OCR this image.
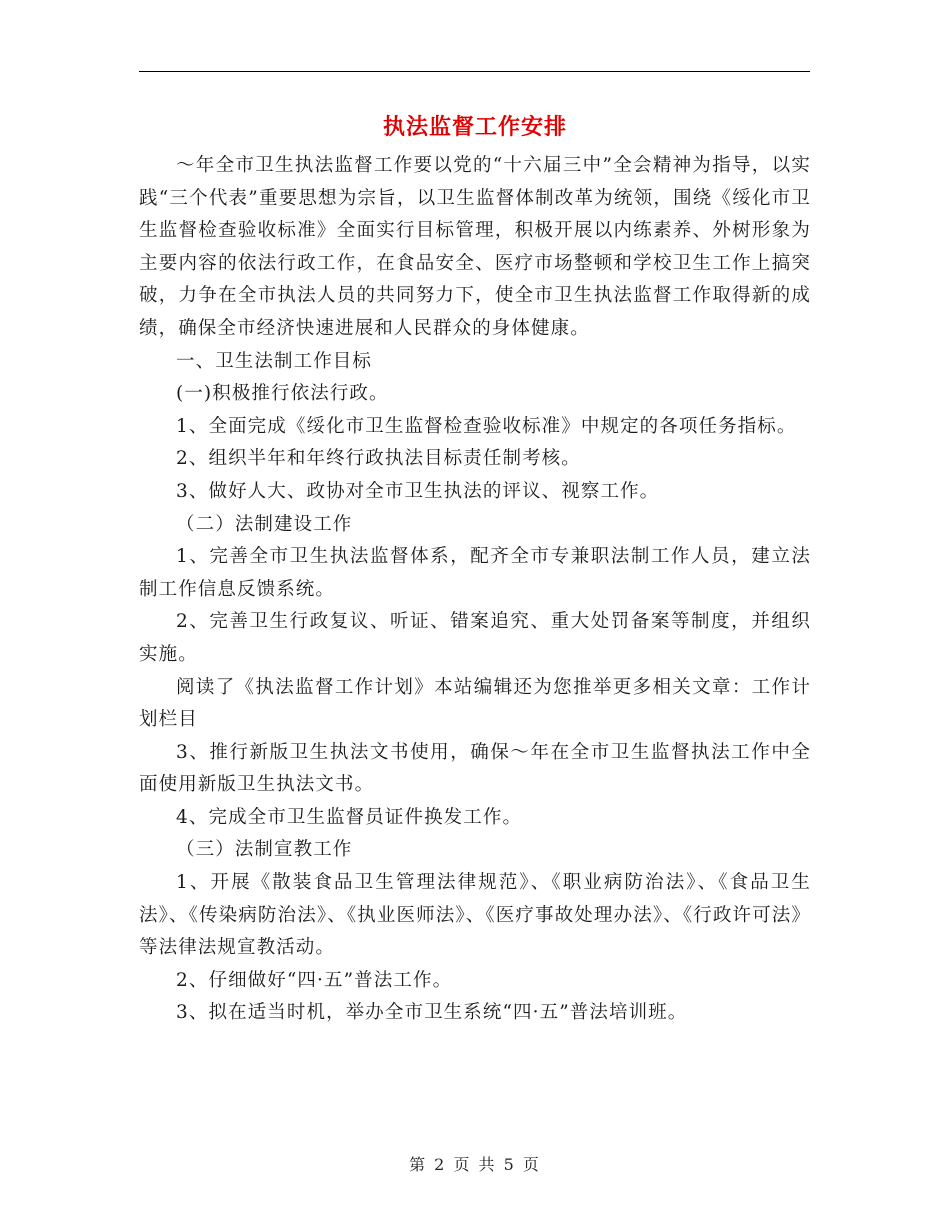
执法监督工作安排

～年全市卫生执法监督工作要以党的“十六届三中”全会精神为指导，以实践“三个代表”重要思想为宗旨，以卫生监督体制改革为统领，围绕《绥化市卫生监督检查验收标准》全面实行目标管理，积极开展以内练素养、外树形象为主要内容的依法行政工作，在食品安全、医疗市场整顿和学校卫生工作上搞突破，力争在全市执法人员的共同努力下，使全市卫生执法监督工作取得新的成绩，确保全市经济快速进展和人民群众的身体健康。

一、卫生法制工作目标

(一)积极推行依法行政。

1、全面完成《绥化市卫生监督检查验收标准》中规定的各项任务指标。

2、组织半年和年终行政执法目标责任制考核。

3、做好人大、政协对全市卫生执法的评议、视察工作。

（二）法制建设工作

1、完善全市卫生执法监督体系，配齐全市专兼职法制工作人员，建立法制工作信息反馈系统。

2、完善卫生行政复议、听证、错案追究、重大处罚备案等制度，并组织实施。

阅读了《执法监督工作计划》本站编辑还为您推举更多相关文章：工作计划栏目

3、推行新版卫生执法文书使用，确保～年在全市卫生监督执法工作中全面使用新版卫生执法文书。

4、完成全市卫生监督员证件换发工作。

（三）法制宣教工作

1、开展《散装食品卫生管理法律规范》、《职业病防治法》、《食品卫生法》、《传染病防治法》、《执业医师法》、《医疗事故处理办法》、《行政许可法》等法律法规宣教活动。

2、仔细做好“四·五”普法工作。

3、拟在适当时机，举办全市卫生系统“四·五”普法培训班。

第 2 页 共 5 页
